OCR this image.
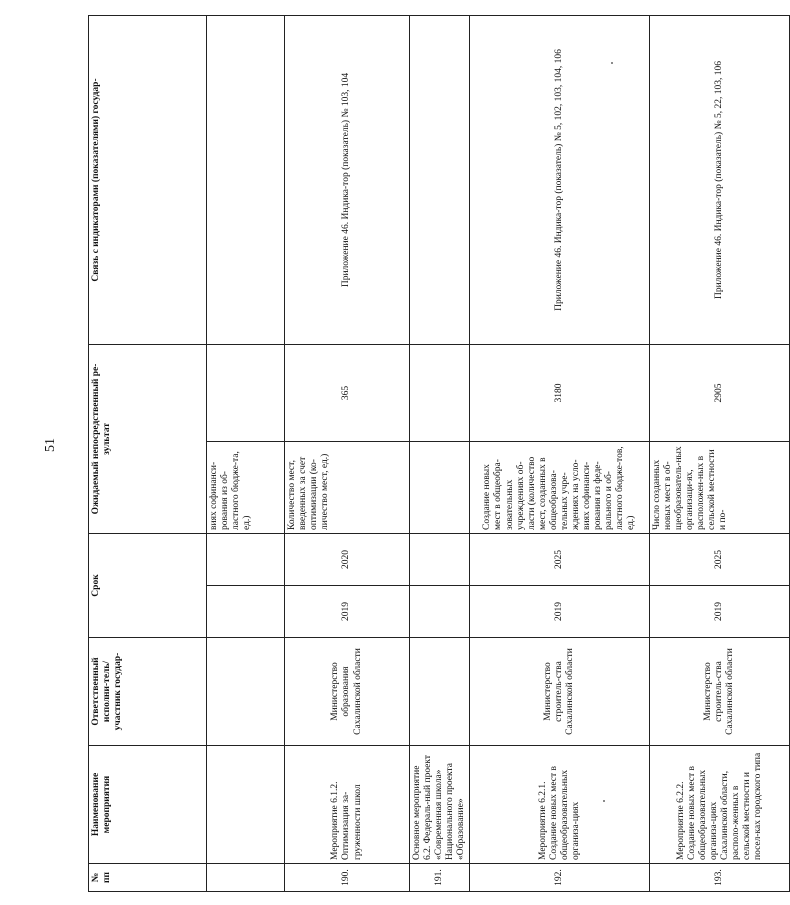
51
№ пп	Наименование мероприятия	Ответственный исполни-тель/участник государ-	Срок		Ожидаемый непосредственный ре-зультат		Связь с индикаторами (показателями) государ-
					виях софинанси-рования из об-ластного бюдже-та, ед.)		
190.	Мероприятие 6.1.2. Оптимизация за-груженности школ	Министерство образования Сахалинской области	2019	2020	Количество мест, введенных за счет оптимизации (ко-личество мест, ед.)	365	Приложение 46. Индика-тор (показатель) № 103, 104
191.	Основное мероприятие 6.2. Федераль-ный проект «Современная школа» Национального проекта «Образование»						
192.	Мероприятие 6.2.1. Создание новых мест в общеобразовательных организа-циях	Министерство строитель-ства Сахалинской области	2019	2025	Создание новых мест в общеобра-зовательных учреждениях об-ласти (количество мест, созданных в общеобразова-тельных учре-ждениях на усло-виях софинанси-рования из феде-рального и об-ластного бюдже-тов, ед.)	3180	Приложение 46. Индика-тор (показатель) № 5, 102, 103, 104, 106
193.	Мероприятие 6.2.2. Создание новых мест в общеобразовательных организа-циях Сахалинской области, располо-женных в сельской местности и посел-ках городского типа	Министерство строитель-ства Сахалинской области	2019	2025	Число созданных новых мест в об-щеобразователь-ных организаци-ях, расположен-ных в сельской местности и по-	2905	Приложение 46. Индика-тор (показатель) № 5, 22, 103, 106
